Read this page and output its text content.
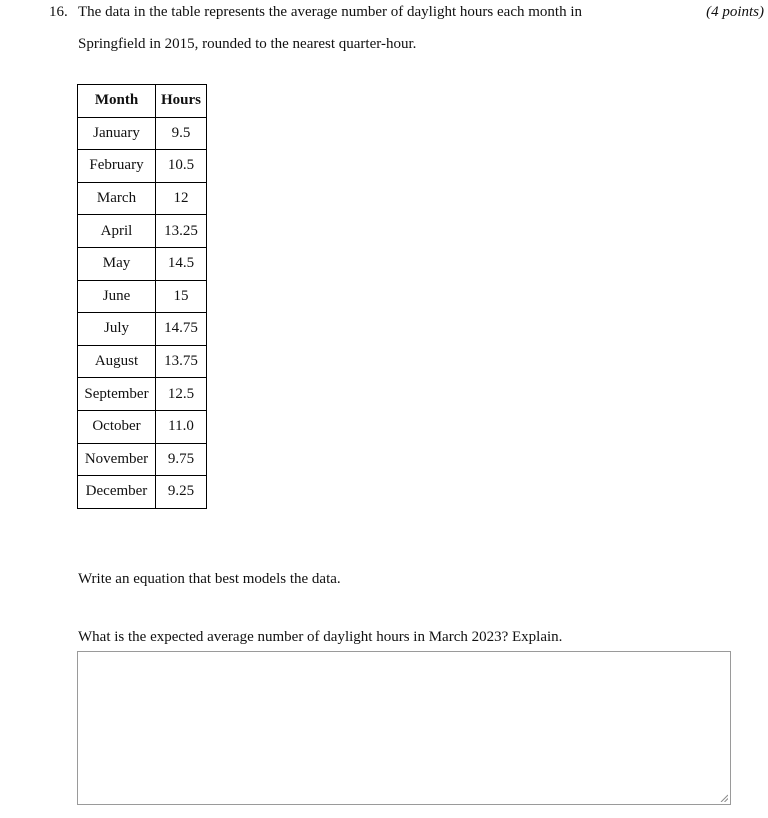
16. The data in the table represents the average number of daylight hours each month in
Springfield in 2015, rounded to the nearest quarter-hour.
(4 points)
Month	Hours
January	9.5
February	10.5
March	12
April	13.25
May	14.5
June	15
July	14.75
August	13.75
September	12.5
October	11.0
November	9.75
December	9.25
Write an equation that best models the data.
What is the expected average number of daylight hours in March 2023? Explain.
